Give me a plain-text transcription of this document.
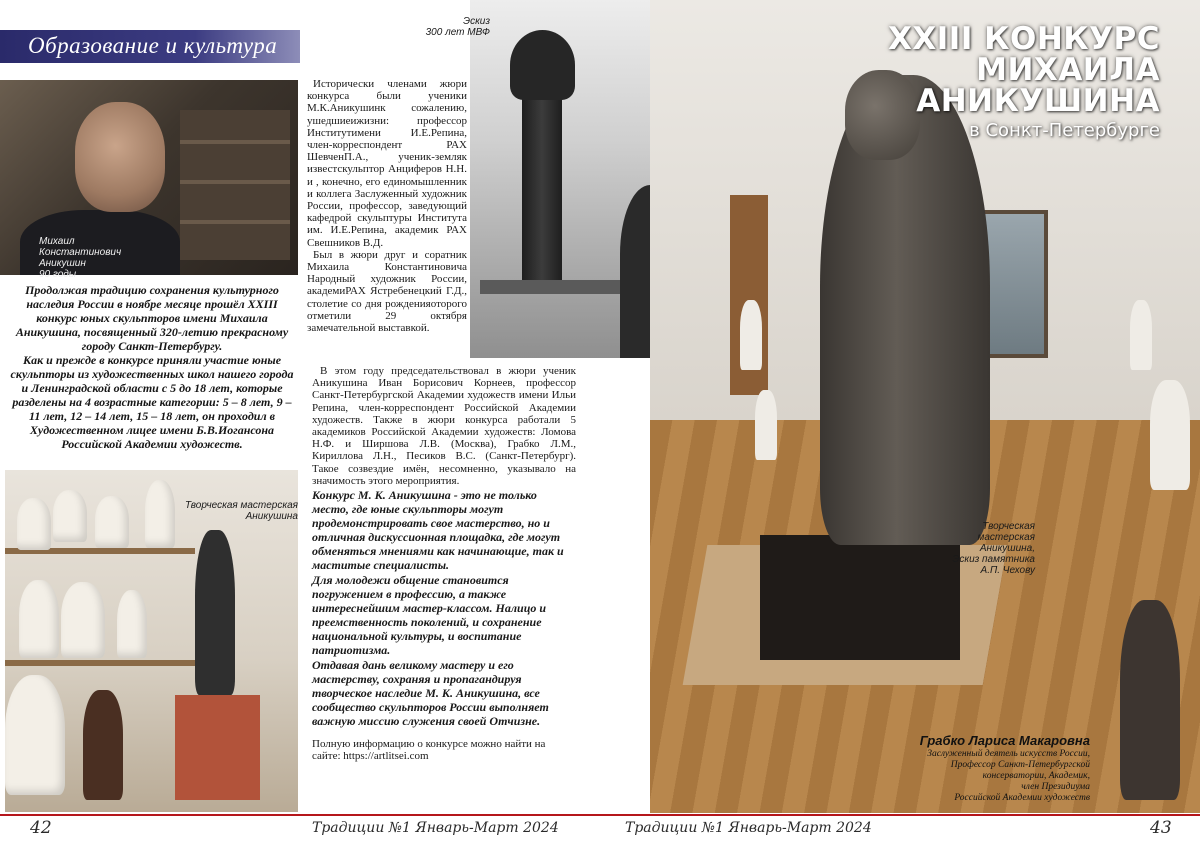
Образование и культура
Михаил
Константинович
Аникушин
90 годы
Эскиз
300 лет МВФ	XXIII КОНКУРС
МИХАИЛА
АНИКУШИНА
в Сонкт-Петербурге
Творческая мастерская
Аникушина,
Эскиз памятника
А.П. Чехову

Продолжая традицию сохранения культурного наследия России в ноябре месяце прошёл XXIII конкурс юных скульпторов имени Михаила Аникушина, посвященный 320-летию прекрасному городу Санкт-Петербургу.

Как и прежде в конкурсе приняли участие юные скульпторы из художественных школ нашего города и Ленинградской области с 5 до 18 лет, которые разделены на 4 возрастные категории: 5 – 8 лет, 9 – 11 лет, 12 – 14 лет, 15 – 18 лет, он проходил в Художественном лицее имени Б.В.Иогансона Российской Академии художеств.

Творческая мастерская
Аникушина

Исторически членами жюри конкурса были ученики М.К.Аникушинк сожалению, ушедшиеижизни: профессор Институтимени И.Е.Репина, член-корреспондент РАХ ШевченП.А., ученик-земляк известскульптор Анциферов Н.Н. и , конечно, его единомышленник и коллега Заслуженный художник России, профессор, заведующий кафедрой скульптуры Института им. И.Е.Репина, академик РАХ Свешников В.Д.

Был в жюри друг и соратник Михаила Константиновича Народный художник России, академиРАХ Ястребенецкий Г.Д., столетие со дня рожденияоторого отметили 29 октября замечательной выставкой.

В этом году председательствовал в жюри ученик Аникушина Иван Борисович Корнеев, профессор Санкт-Петербургской Академии художеств имени Ильи Репина, член-корреспондент Российской Академии художеств. Также в жюри конкурса работали 5 академиков Российской Академии художеств: Ломова Н.Ф. и Ширшова Л.В. (Москва), Грабко Л.М., Кириллова Л.Н., Песиков В.С. (Санкт-Петербург). Такое созвездие имён, несомненно, указывало на значимость этого мероприятия.

Конкурс М. К. Аникушина - это не только место, где юные скульпторы могут продемонстрировать свое мастерство, но и отличная дискуссионная площадка, где могут обменяться мнениями как начинающие, так и маститые специалисты.

Для молодежи общение становится погружением в профессию, а также интереснейшим мастер-классом. Налицо и преемственность поколений, и сохранение национальной культуры, и воспитание патриотизма.

Отдавая дань великому мастеру и его мастерству, сохраняя и пропагандируя творческое наследие М. К. Аникушина, все сообщество скульпторов России выполняет важную миссию служения своей Отчизне.

Полную информацию о конкурсе можно найти на сайте: https://artlitsei.com

Грабко Лариса Макаровна
Заслуженный деятель искусств России,
Профессор Санкт-Петербургской
консерватории, Академик,
член Президиума
Российской Академии художеств
42	Традиции №1 Январь-Март 2024	Традиции №1 Январь-Март 2024	43
